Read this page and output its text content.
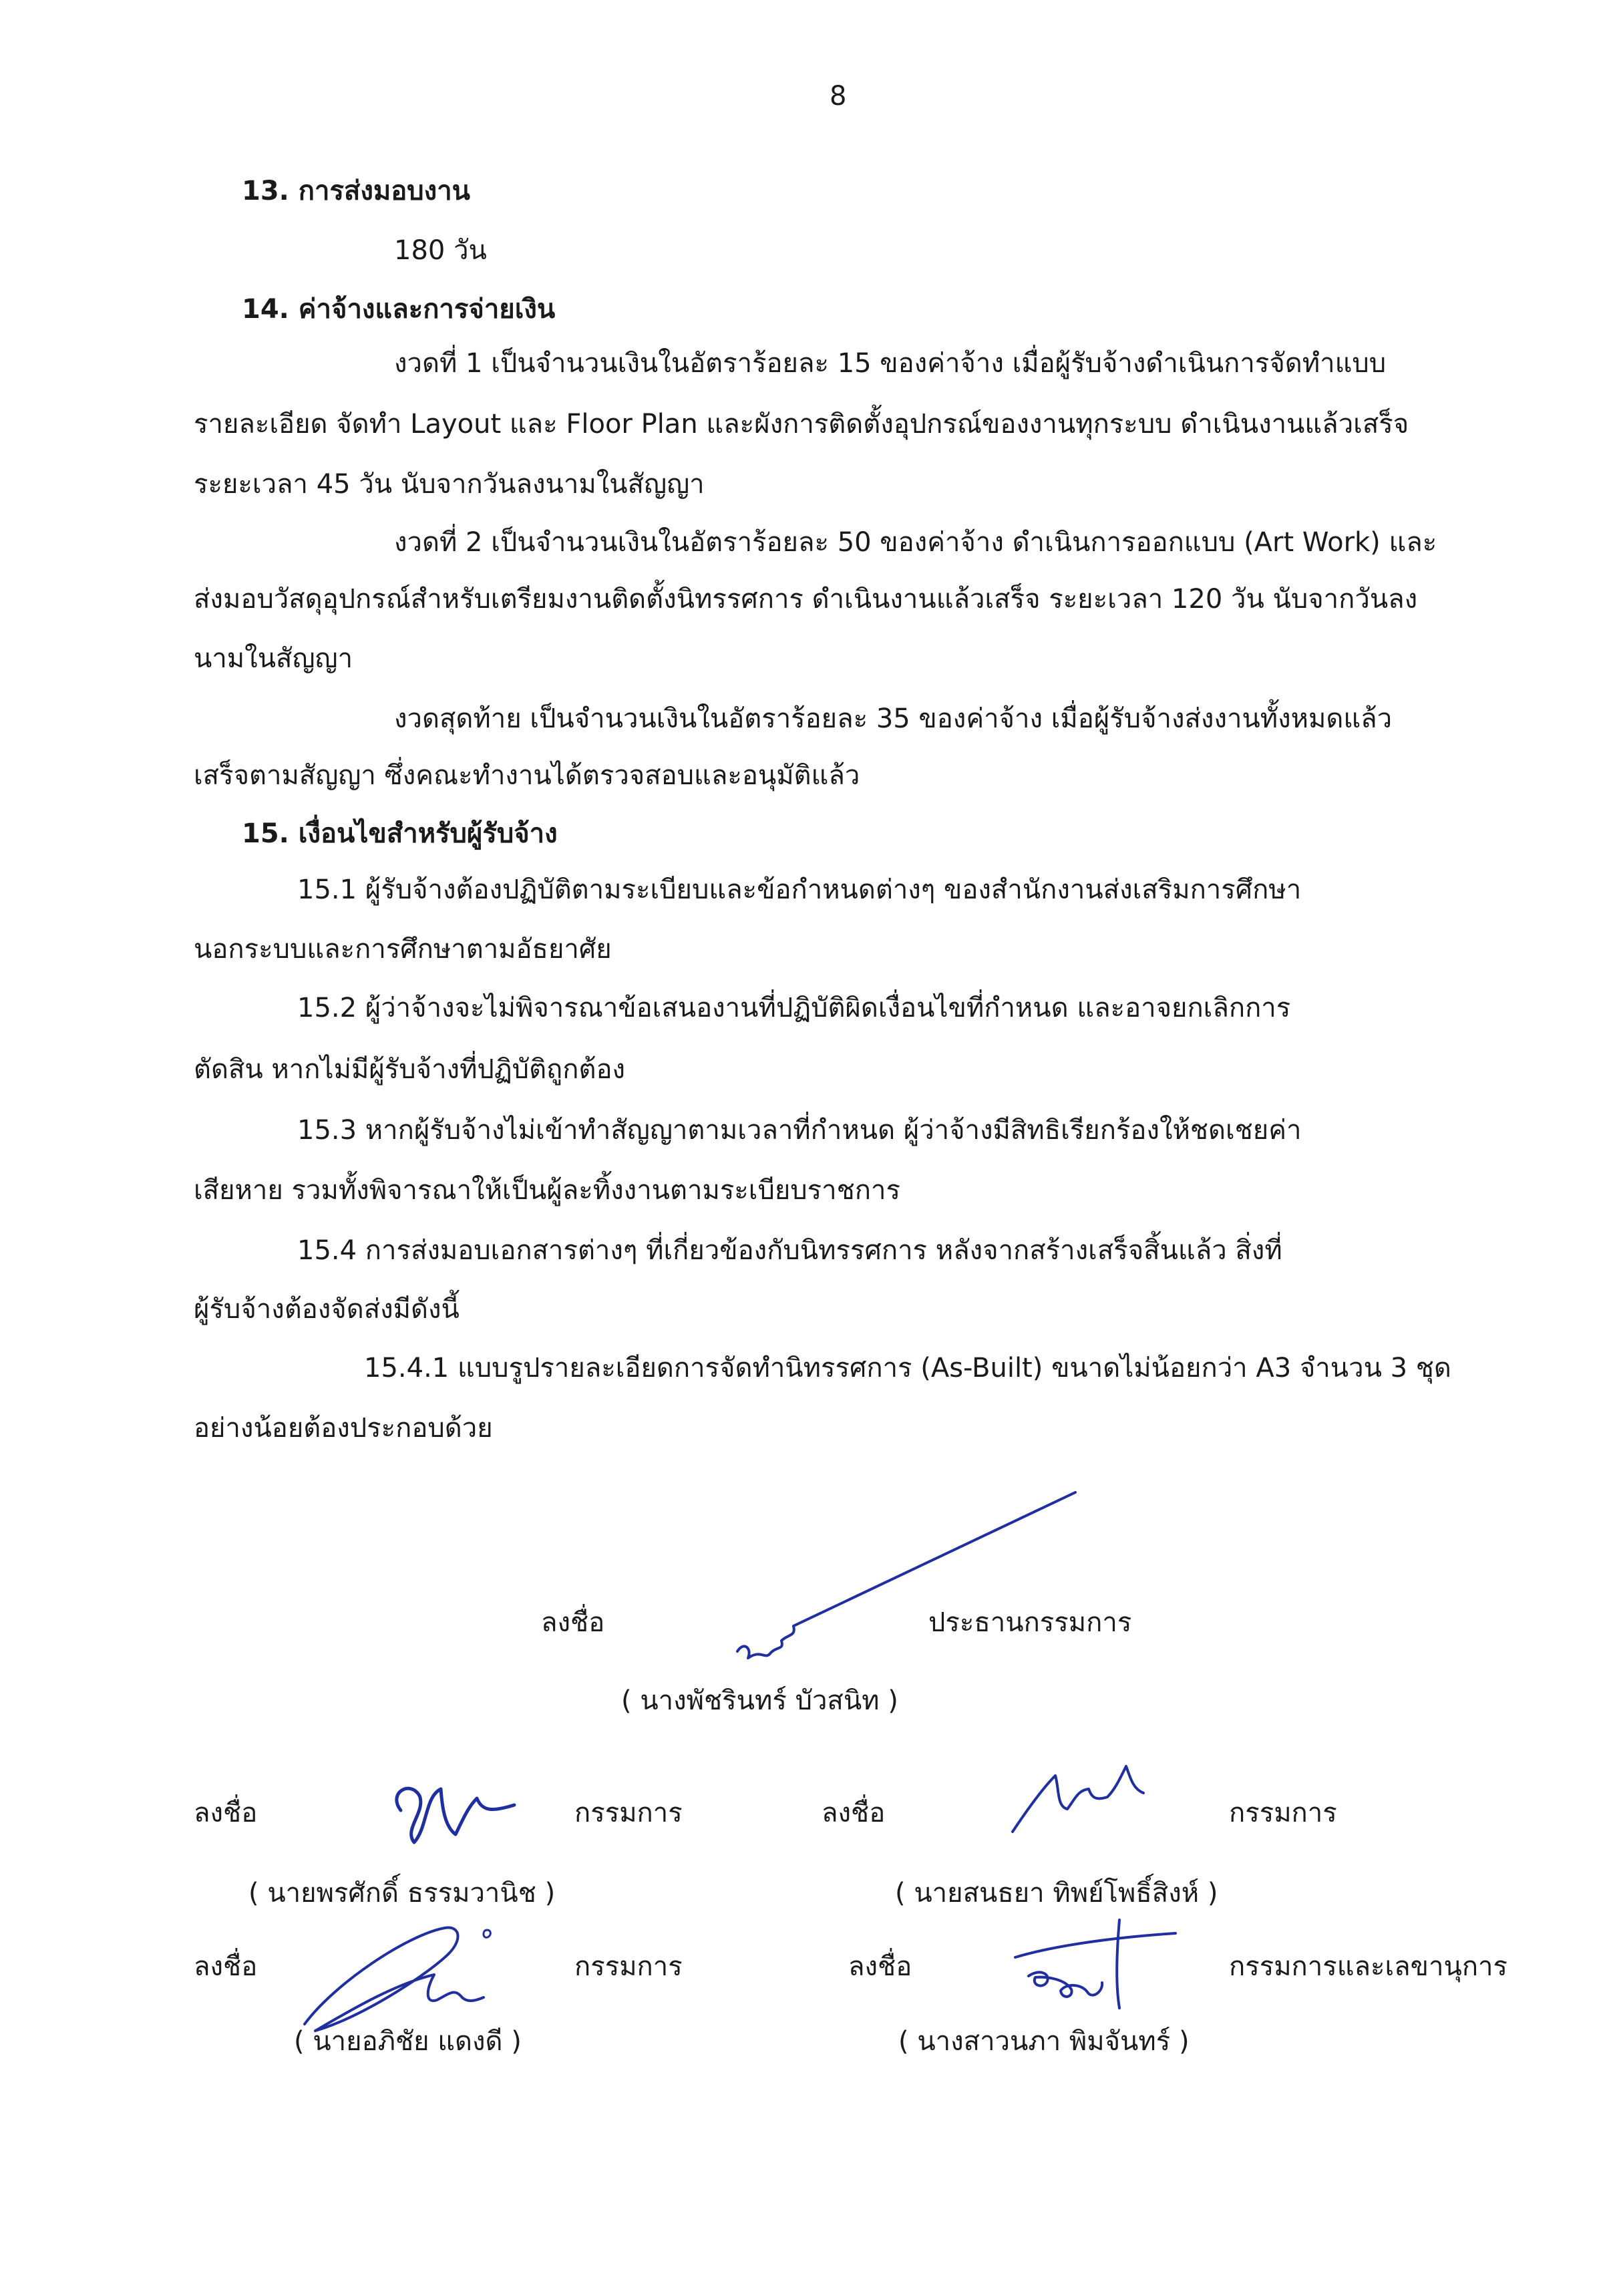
8
13. การส่งมอบงาน
180 วัน
14. ค่าจ้างและการจ่ายเงิน
งวดที่ 1 เป็นจำนวนเงินในอัตราร้อยละ 15 ของค่าจ้าง เมื่อผู้รับจ้างดำเนินการจัดทำแบบ
รายละเอียด จัดทำ Layout และ Floor Plan และผังการติดตั้งอุปกรณ์ของงานทุกระบบ ดำเนินงานแล้วเสร็จ
ระยะเวลา 45 วัน นับจากวันลงนามในสัญญา
งวดที่ 2 เป็นจำนวนเงินในอัตราร้อยละ 50 ของค่าจ้าง ดำเนินการออกแบบ (Art Work) และ
ส่งมอบวัสดุอุปกรณ์สำหรับเตรียมงานติดตั้งนิทรรศการ ดำเนินงานแล้วเสร็จ ระยะเวลา 120 วัน นับจากวันลง
นามในสัญญา
งวดสุดท้าย เป็นจำนวนเงินในอัตราร้อยละ 35 ของค่าจ้าง เมื่อผู้รับจ้างส่งงานทั้งหมดแล้ว
เสร็จตามสัญญา ซึ่งคณะทำงานได้ตรวจสอบและอนุมัติแล้ว
15. เงื่อนไขสำหรับผู้รับจ้าง
15.1 ผู้รับจ้างต้องปฏิบัติตามระเบียบและข้อกำหนดต่างๆ ของสำนักงานส่งเสริมการศึกษา
นอกระบบและการศึกษาตามอัธยาศัย
15.2 ผู้ว่าจ้างจะไม่พิจารณาข้อเสนองานที่ปฏิบัติผิดเงื่อนไขที่กำหนด และอาจยกเลิกการ
ตัดสิน หากไม่มีผู้รับจ้างที่ปฏิบัติถูกต้อง
15.3 หากผู้รับจ้างไม่เข้าทำสัญญาตามเวลาที่กำหนด ผู้ว่าจ้างมีสิทธิเรียกร้องให้ชดเชยค่า
เสียหาย รวมทั้งพิจารณาให้เป็นผู้ละทิ้งงานตามระเบียบราชการ
15.4 การส่งมอบเอกสารต่างๆ ที่เกี่ยวข้องกับนิทรรศการ หลังจากสร้างเสร็จสิ้นแล้ว สิ่งที่
ผู้รับจ้างต้องจัดส่งมีดังนี้
15.4.1 แบบรูปรายละเอียดการจัดทำนิทรรศการ (As-Built) ขนาดไม่น้อยกว่า A3 จำนวน 3 ชุด
อย่างน้อยต้องประกอบด้วย
ลงชื่อ	ประธานกรรมการ
( นางพัชรินทร์ บัวสนิท )
ลงชื่อ	กรรมการ
( นายพรศักดิ์ ธรรมวานิช )
ลงชื่อ	กรรมการ
( นายสนธยา ทิพย์โพธิ์สิงห์ )
ลงชื่อ	กรรมการ
( นายอภิชัย แดงดี )
ลงชื่อ	กรรมการและเลขานุการ
( นางสาวนภา พิมจันทร์ )
